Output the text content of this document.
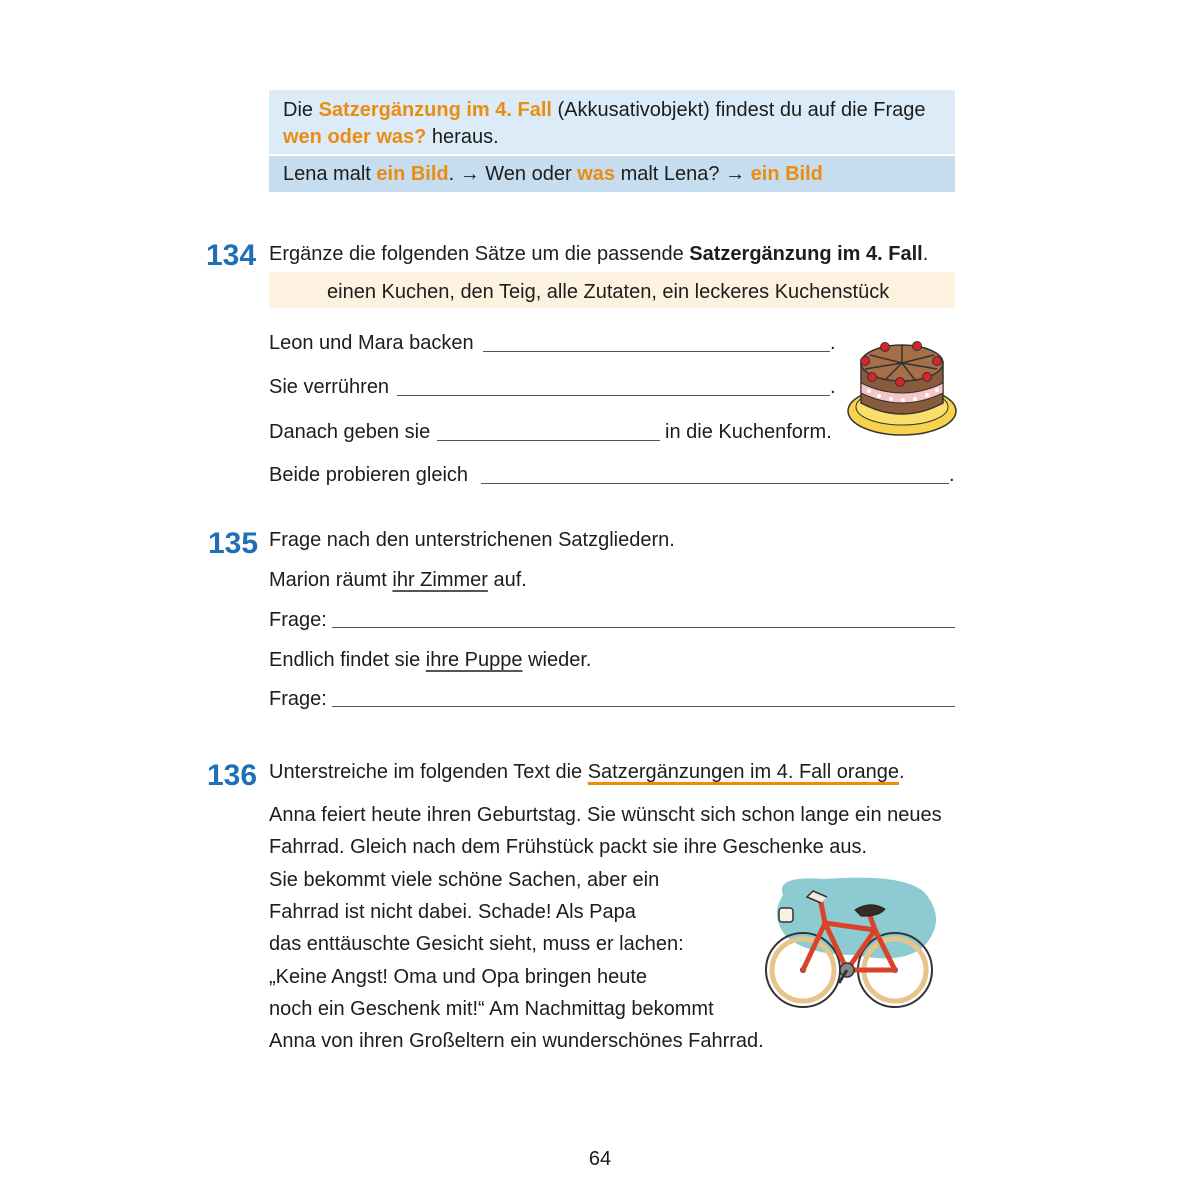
Die Satzergänzung im 4. Fall (Akkusativobjekt) findest du auf die Frage
wen oder was? heraus.
Lena malt ein Bild. → Wen oder was malt Lena? → ein Bild
134 Ergänze die folgenden Sätze um die passende Satzergänzung im 4. Fall.
einen Kuchen, den Teig, alle Zutaten, ein leckeres Kuchenstück
Leon und Mara backen	.
Sie verrühren	.
Danach geben sie	in die Kuchenform.
Beide probieren gleich	.
135 Frage nach den unterstrichenen Satzgliedern.
Marion räumt ihr Zimmer auf.
Frage:
Endlich findet sie ihre Puppe wieder.
Frage:
136 Unterstreiche im folgenden Text die Satzergänzungen im 4. Fall orange.
Anna feiert heute ihren Geburtstag. Sie wünscht sich schon lange ein neues
Fahrrad. Gleich nach dem Frühstück packt sie ihre Geschenke aus.
Sie bekommt viele schöne Sachen, aber ein
Fahrrad ist nicht dabei. Schade! Als Papa
das enttäuschte Gesicht sieht, muss er lachen:
„Keine Angst! Oma und Opa bringen heute
noch ein Geschenk mit!“ Am Nachmittag bekommt
Anna von ihren Großeltern ein wunderschönes Fahrrad.
64
